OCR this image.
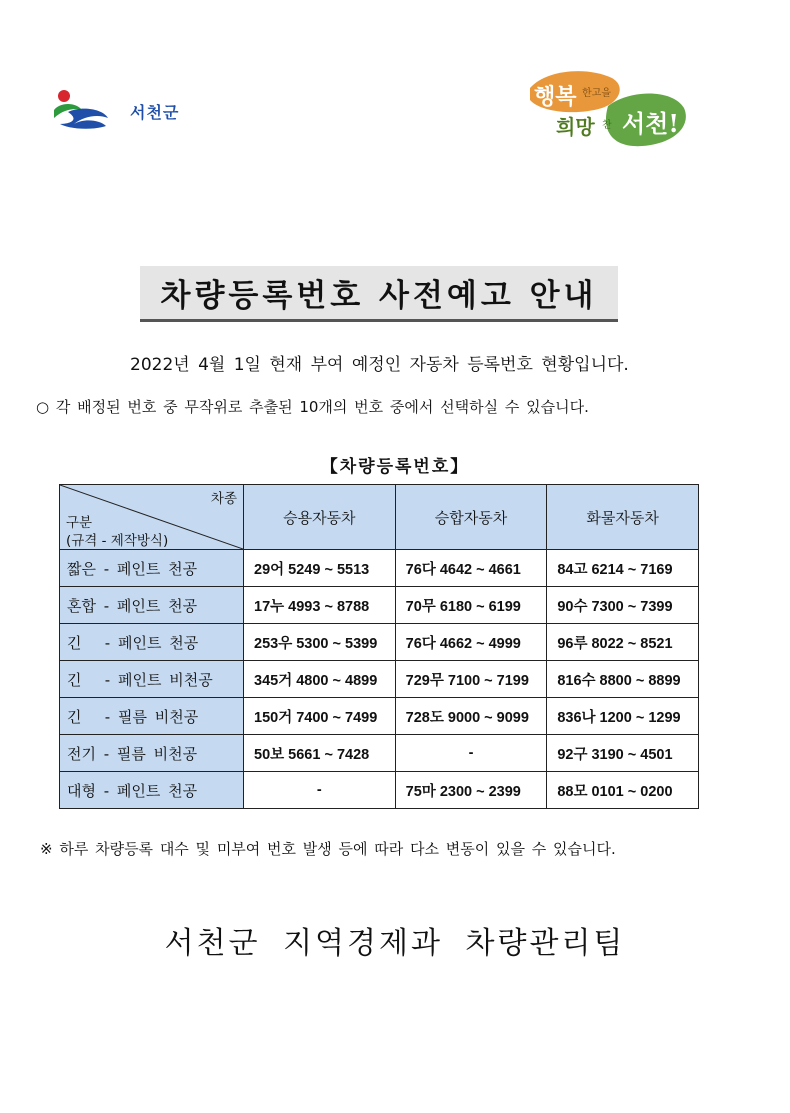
서천군
행복 한고을
희망 찬 서천!
차량등록번호 사전예고 안내
2022년 4월 1일 현재 부여 예정인 자동차 등록번호 현황입니다.
○ 각 배정된 번호 중 무작위로 추출된 10개의 번호 중에서 선택하실 수 있습니다.
【차량등록번호】
차종
구분
(규격 - 제작방식)	승용자동차	승합자동차	화물자동차
짧은 - 페인트 천공	29어 5249 ~ 5513	76다 4642 ~ 4661	84고 6214 ~ 7169
혼합 - 페인트 천공	17누 4993 ~ 8788	70무 6180 ~ 6199	90수 7300 ~ 7399
긴   - 페인트 천공	253우 5300 ~ 5399	76다 4662 ~ 4999	96루 8022 ~ 8521
긴   - 페인트 비천공	345거 4800 ~ 4899	729무 7100 ~ 7199	816수 8800 ~ 8899
긴   - 필름 비천공	150거 7400 ~ 7499	728도 9000 ~ 9099	836나 1200 ~ 1299
전기 - 필름 비천공	50보 5661 ~ 7428	-	92구 3190 ~ 4501
대형 - 페인트 천공	-	75마 2300 ~ 2399	88모 0101 ~ 0200
※ 하루 차량등록 대수 및 미부여 번호 발생 등에 따라 다소 변동이 있을 수 있습니다.
서천군 지역경제과 차량관리팀
